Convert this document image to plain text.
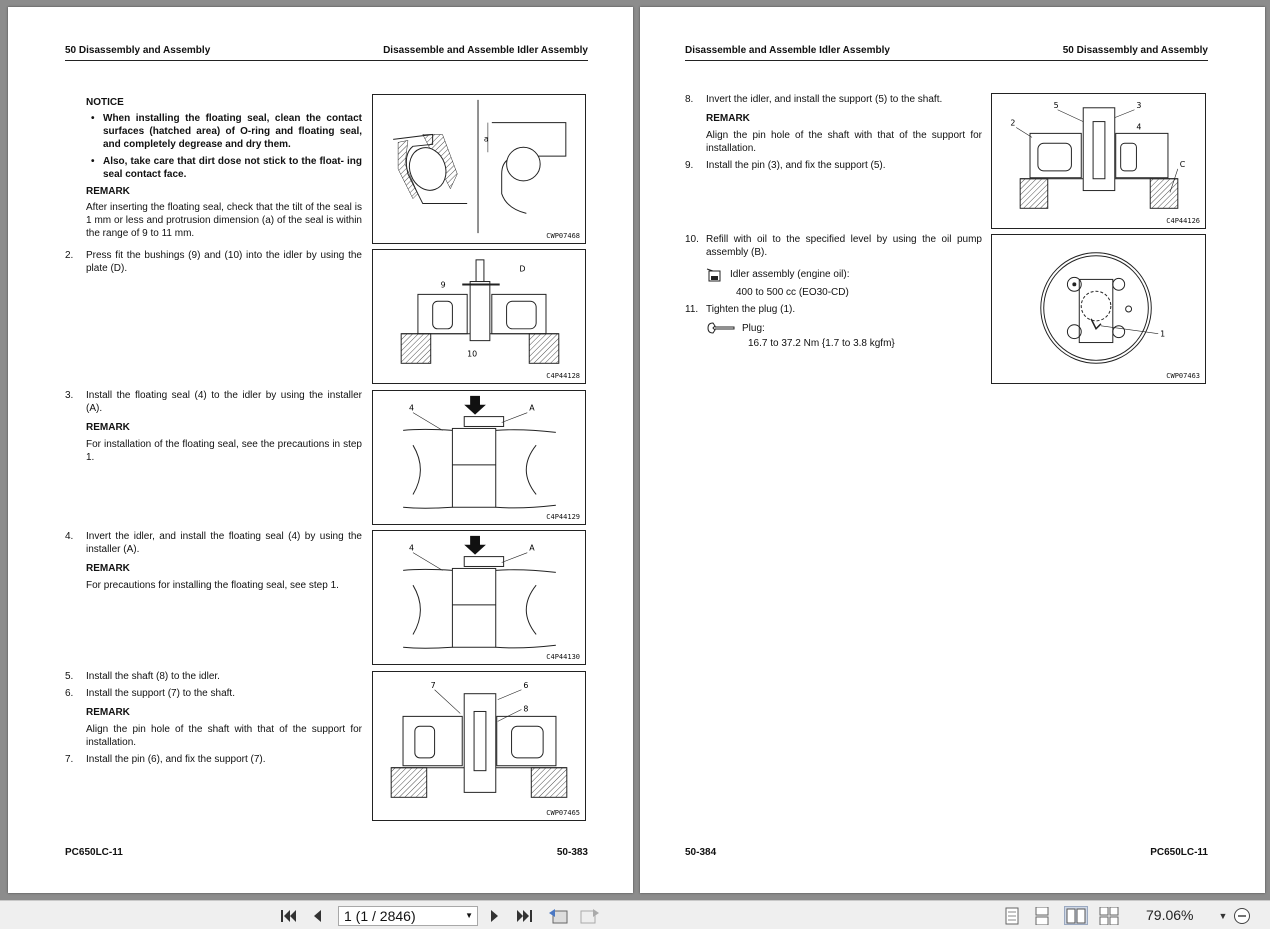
50 Disassembly and Assembly	Disassemble and Assemble Idler Assembly
NOTICE
• When installing the floating seal, clean the contact surfaces (hatched area) of O-ring and floating seal, and completely degrease and dry them.
• Also, take care that dirt dose not stick to the float- ing seal contact face.
REMARK
After inserting the floating seal, check that the tilt of the seal is 1 mm or less and protrusion dimension (a) of the seal is within the range of 9 to 11 mm.
2. Press fit the bushings (9) and (10) into the idler by using the plate (D).
3. Install the floating seal (4) to the idler by using the installer (A).
REMARK
For installation of the floating seal, see the precautions in step 1.
4. Invert the idler, and install the floating seal (4) by using the installer (A).
REMARK
For precautions for installing the floating seal, see step 1.
5. Install the shaft (8) to the idler.
6. Install the support (7) to the shaft.
REMARK
Align the pin hole of the shaft with that of the support for installation.
7. Install the pin (6), and fix the support (7).
a
CWP07468
9
D
10
C4P44128
4	A
C4P44129
4	A
C4P44130
7	6
8
CWP07465
PC650LC-11	50-383
Disassemble and Assemble Idler Assembly	50 Disassembly and Assembly
8. Invert the idler, and install the support (5) to the shaft.
REMARK
Align the pin hole of the shaft with that of the support for installation.
9. Install the pin (3), and fix the support (5).
10. Refill with oil to the specified level by using the oil pump assembly (B).
Idler assembly (engine oil):
400 to 500 cc (EO30-CD)
11. Tighten the plug (1).
Plug:
16.7 to 37.2 Nm {1.7 to 3.8 kgfm}
5	3
2	4
C
C4P44126
1
CWP07463
50-384	PC650LC-11
1 (1 / 2846)	▼	79.06%	▼
